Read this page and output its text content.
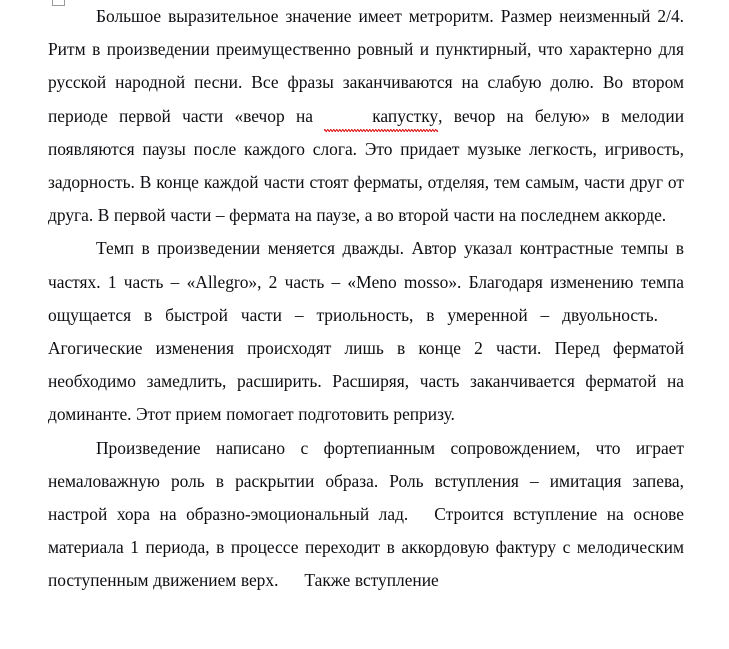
Большое выразительное значение имеет метроритм. Размер неизменный 2/4. Ритм в произведении преимущественно ровный и пунктирный, что характерно для русской народной песни. Все фразы заканчиваются на слабую долю. Во втором периоде первой части «вечор на	капустку, вечор на белую» в мелодии появляются паузы после каждого слога. Это придает музыке легкость, игривость, задорность. В конце каждой части стоят ферматы, отделяя, тем самым, части друг от друга. В первой части – фермата на паузе, а во второй части на последнем аккорде.

Темп в произведении меняется дважды. Автор указал контрастные темпы в частях. 1 часть – «Allegro», 2 часть – «Meno mosso». Благодаря изменению темпа ощущается в быстрой части – триольность, в умеренной – двуольность.Агогические изменения происходят лишь в конце 2 части. Перед ферматой необходимо замедлить, расширить. Расширяя, часть заканчивается ферматой на доминанте. Этот прием помогает подготовить репризу.

Произведение написано с фортепианным сопровождением, что играет немаловажную роль в раскрытии образа. Роль вступления – имитация запева, настрой хора на образно-эмоциональный лад. Строится вступление на основе материала 1 периода, в процессе переходит в аккордовую фактуру с мелодическим поступенным движением верх. Также вступление
